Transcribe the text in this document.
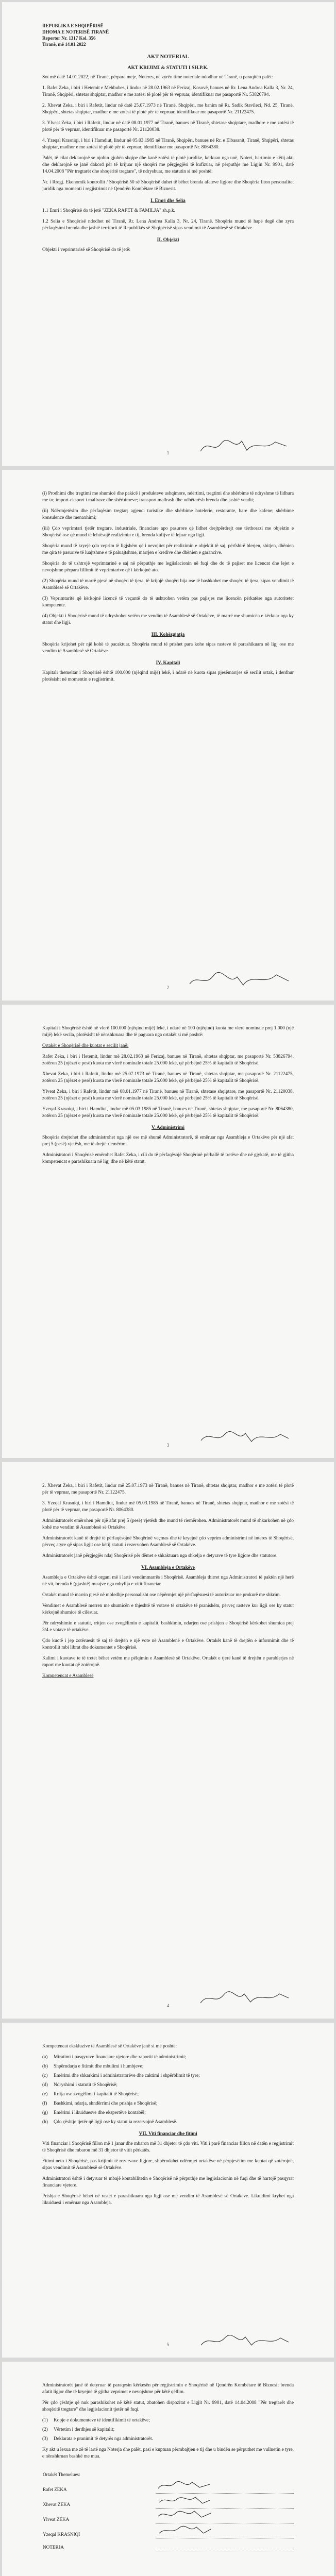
REPUBLIKA E SHQIPËRISË
DHOMA E NOTERISË TIRANË
Repertor Nr. 1317 Kol. 356
Tiranë, më 14.01.2022
AKT NOTERIAL
AKT KRIJIMI & STATUTI I SH.P.K.

Sot më datë 14.01.2022, në Tiranë, përpara meje, Noteres, në zyrën time noteriale ndodhur në Tiranë, u paraqitën palët:

1. Rafet Zeka, i biri i Hetemit e Mehbubes, i lindur në 28.02.1963 në Ferizaj, Kosovë, banues në Rr. Lena Andrea Kalla 3, Nr. 24, Tiranë, Shqipëri, shtetas shqiptar, madhor e me zotësi të plotë për të vepruar, identifikuar me pasaportë Nr. 53826794.
2. Xhevat Zeka, i biri i Rafetit, lindur në datë 25.07.1973 në Tiranë, Shqipëri, me banim në Rr. Sadik Stavileci, Nd. 25, Tiranë, Shqipëri, shtetas shqiptar, madhor e me zotësi të plotë për të vepruar, identifikuar me pasaportë Nr. 21122475.
3. Ylveat Zeka, i biri i Rafetit, lindur në datë 08.01.1977 në Tiranë, banues në Tiranë, shtetase shqiptare, madhore e me zotësi të plotë për të vepruar, identifikuar me pasaportë Nr. 21120038.
4. Yzeqal Krasniqi, i biri i Hamdiut, lindur në 05.03.1985 në Tiranë, Shqipëri, banues në Rr. e Elbasanit, Tiranë, Shqipëri, shtetas shqiptar, madhor e me zotësi të plotë për të vepruar, identifikuar me pasaportë Nr. 8064380.

Palët, të cilat deklarojnë se njohin gjuhën shqipe dhe kanë zotësi të plotë juridike, kërkuan nga unë, Noteri, hartimin e këtij akti dhe deklarojnë se janë dakord për të krijuar një shoqëri me përgjegjësi të kufizuar, në përputhje me Ligjin Nr. 9901, datë 14.04.2008 "Për tregtarët dhe shoqëritë tregtare", të ndryshuar, me statutin si më poshtë:

Nr. i Rregj. Ekonomik kontrollit / Shoqërisë 50 së Shoqërisë duhet të bëhet brenda afateve ligjore dhe Shoqëria fiton personalitet juridik nga momenti i regjistrimit në Qendrën Kombëtare të Biznesit.

I. Emri dhe Selia

1.1 Emri i Shoqërisë do të jetë "ZEKA RAFET & FAMILJA" sh.p.k.

1.2 Selia e Shoqërisë ndodhet në Tiranë, Rr. Lena Andrea Kalla 3, Nr. 24, Tiranë. Shoqëria mund të hapë degë dhe zyra përfaqësimi brenda dhe jashtë territorit të Republikës së Shqipërisë sipas vendimit të Asamblesë së Ortakëve.

II. Objekti

Objekti i veprimtarisë së Shoqërisë do të jetë:

1

(i) Prodhimi dhe tregtimi me shumicë dhe pakicë i produkteve ushqimore, ndërtimi, tregtimi dhe shërbime të ndryshme të lidhura me to; import-eksport i mallrave dhe shërbimeve; transport mallrash dhe udhëtarësh brenda dhe jashtë vendit;

(ii) Ndërmjetësim dhe përfaqësim tregtar; agjenci turistike dhe shërbime hotelerie, restorante, bare dhe kafene; shërbime konsulence dhe menaxhimi;

(iii) Çdo veprimtari tjetër tregtare, industriale, financiare apo pasurore që lidhet drejtpërdrejt ose tërthorazi me objektin e Shoqërisë ose që mund të lehtësojë realizimin e tij, brenda kufijve të lejuar nga ligji.

Shoqëria mund të kryejë çdo veprim të ligjshëm që i nevojitet për realizimin e objektit të saj, përfshirë blerjen, shitjen, dhënien me qira të pasurive të luajtshme e të paluajtshme, marrjen e kredive dhe dhënien e garancive.

Shoqëria do të ushtrojë veprimtarinë e saj në përputhje me legjislacionin në fuqi dhe do të pajiset me licencat dhe lejet e nevojshme përpara fillimit të veprimtarive që i kërkojnë ato.

(2) Shoqëria mund të marrë pjesë në shoqëri të tjera, të krijojë shoqëri bija ose të bashkohet me shoqëri të tjera, sipas vendimit të Asamblesë së Ortakëve.

(3) Veprimtaritë që kërkojnë licencë të veçantë do të ushtrohen vetëm pas pajisjes me licencën përkatëse nga autoritetet kompetente.

(4) Objekti i Shoqërisë mund të ndryshohet vetëm me vendim të Asamblesë së Ortakëve, të marrë me shumicën e kërkuar nga ky statut dhe ligji.

III. Kohëzgjatja

Shoqëria krijohet për një kohë të pacaktuar. Shoqëria mund të prishet para kohe sipas rasteve të parashikuara në ligj ose me vendim të Asamblesë së Ortakëve.

IV. Kapitali

Kapitali themeltar i Shoqërisë është 100.000 (njëqind mijë) lekë, i ndarë në kuota sipas pjesëmarrjes së secilit ortak, i derdhur plotësisht në momentin e regjistrimit.

2

Kapitali i Shoqërisë është në vlerë 100.000 (njëqind mijë) lekë, i ndarë në 100 (njëqind) kuota me vlerë nominale prej 1.000 (një mijë) lekë secila, plotësisht të nënshkruara dhe të paguara nga ortakët si më poshtë:

Ortakët e Shoqërisë dhe kuotat e secilit janë:

Rafet Zeka, i biri i Hetemit, lindur më 28.02.1963 në Ferizaj, banues në Tiranë, shtetas shqiptar, me pasaportë Nr. 53826794, zotëron 25 (njëzet e pesë) kuota me vlerë nominale totale 25.000 lekë, që përbëjnë 25% të kapitalit të Shoqërisë.

Xhevat Zeka, i biri i Rafetit, lindur më 25.07.1973 në Tiranë, banues në Tiranë, shtetas shqiptar, me pasaportë Nr. 21122475, zotëron 25 (njëzet e pesë) kuota me vlerë nominale totale 25.000 lekë, që përbëjnë 25% të kapitalit të Shoqërisë.

Ylveat Zeka, i biri i Rafetit, lindur më 08.01.1977 në Tiranë, banues në Tiranë, shtetase shqiptare, me pasaportë Nr. 21120038, zotëron 25 (njëzet e pesë) kuota me vlerë nominale totale 25.000 lekë, që përbëjnë 25% të kapitalit të Shoqërisë.

Yzeqal Krasniqi, i biri i Hamdiut, lindur më 05.03.1985 në Tiranë, banues në Tiranë, shtetas shqiptar, me pasaportë Nr. 8064380, zotëron 25 (njëzet e pesë) kuota me vlerë nominale totale 25.000 lekë, që përbëjnë 25% të kapitalit të Shoqërisë.

V. Administrimi

Shoqëria drejtohet dhe administrohet nga një ose më shumë Administratorë, të emëruar nga Asambleja e Ortakëve për një afat prej 5 (pesë) vjetësh, me të drejtë riemërimi.

Administratori i Shoqërisë emërohet Rafet Zeka, i cili do të përfaqësojë Shoqërinë përballë të tretëve dhe në gjykatë, me të gjitha kompetencat e parashikuara në ligj dhe në këtë statut.

3

2. Xhevat Zeka, i biri i Rafetit, lindur më 25.07.1973 në Tiranë, banues në Tiranë, shtetas shqiptar, madhor e me zotësi të plotë për të vepruar, me pasaportë Nr. 21122475.

3. Yzeqal Krasniqi, i biri i Hamdiut, lindur më 05.03.1985 në Tiranë, banues në Tiranë, shtetas shqiptar, madhor e me zotësi të plotë për të vepruar, me pasaportë Nr. 8064380.

Administratorët emërohen për një afat prej 5 (pesë) vjetësh dhe mund të riemërohen. Administratorët mund të shkarkohen në çdo kohë me vendim të Asamblesë së Ortakëve.

Administratorët kanë të drejtë të përfaqësojnë Shoqërinë veçmas dhe të kryejnë çdo veprim administrimi në interes të Shoqërisë, përveç atyre që sipas ligjit ose këtij statuti i rezervohen Asamblesë së Ortakëve.

Administratorët janë përgjegjës ndaj Shoqërisë për dëmet e shkaktuara nga shkelja e detyrave të tyre ligjore dhe statutore.

VI. Asambleja e Ortakëve

Asambleja e Ortakëve është organi më i lartë vendimmarrës i Shoqërisë. Asambleja thirret nga Administratori të paktën një herë në vit, brenda 6 (gjashtë) muajve nga mbyllja e vitit financiar.

Ortakët mund të marrin pjesë në mbledhje personalisht ose nëpërmjet një përfaqësuesi të autorizuar me prokurë me shkrim.

Vendimet e Asamblesë merren me shumicën e thjeshtë të votave të ortakëve të pranishëm, përveç rasteve kur ligji ose ky statut kërkojnë shumicë të cilësuar.

Për ndryshimin e statutit, rritjen ose zvogëlimin e kapitalit, bashkimin, ndarjen ose prishjen e Shoqërisë kërkohet shumica prej 3/4 e votave të ortakëve.

Çdo kuotë i jep zotëruesit të saj të drejtën e një vote në Asamblenë e Ortakëve. Ortakët kanë të drejtën e informimit dhe të kontrollit mbi librat dhe dokumentet e Shoqërisë.

Kalimi i kuotave te të tretët bëhet vetëm me pëlqimin e Asamblesë së Ortakëve. Ortakët e tjerë kanë të drejtën e parablerjes në raport me kuotat që zotërojnë.

Kompetencat e Asamblesë

4

Kompetencat ekskluzive të Asamblesë së Ortakëve janë si më poshtë:

(a)	Miratimi i pasqyrave financiare vjetore dhe raportit të administrimit;
(b)	Shpërndarja e fitimit dhe mbulimi i humbjeve;
(c)	Emërimi dhe shkarkimi i administratorëve dhe caktimi i shpërblimit të tyre;
(d)	Ndryshimi i statutit të Shoqërisë;
(e)	Rritja ose zvogëlimi i kapitalit të Shoqërisë;
(f)	Bashkimi, ndarja, shndërrimi dhe prishja e Shoqërisë;
(g)	Emërimi i likuiduesve dhe ekspertëve kontabël;
(h)	Çdo çështje tjetër që ligji ose ky statut ia rezervojnë Asamblesë.
VII. Viti financiar dhe fitimi

Viti financiar i Shoqërisë fillon më 1 janar dhe mbaron më 31 dhjetor të çdo viti. Viti i parë financiar fillon në datën e regjistrimit të Shoqërisë dhe mbaron më 31 dhjetor të vitit përkatës.

Fitimi neto i Shoqërisë, pas krijimit të rezervave ligjore, shpërndahet ndërmjet ortakëve në përpjesëtim me kuotat që zotërojnë, sipas vendimit të Asamblesë së Ortakëve.

Administratori është i detyruar të mbajë kontabilitetin e Shoqërisë në përputhje me legjislacionin në fuqi dhe të hartojë pasqyrat financiare vjetore.

Prishja e Shoqërisë bëhet në rastet e parashikuara nga ligji ose me vendim të Asamblesë së Ortakëve. Likuidimi kryhet nga likuiduesi i emëruar nga Asambleja.

5

Administratorët janë të detyruar të paraqesin kërkesën për regjistrimin e Shoqërisë në Qendrën Kombëtare të Biznesit brenda afatit ligjor dhe të kryejnë të gjitha veprimet e nevojshme për këtë qëllim.

Për çdo çështje që nuk parashikohet në këtë statut, zbatohen dispozitat e Ligjit Nr. 9901, datë 14.04.2008 "Për tregtarët dhe shoqëritë tregtare" dhe legjislacionit tjetër në fuqi.

(1)	Kopje e dokumenteve të identifikimit të ortakëve;
(2)	Vërtetim i derdhjes së kapitalit;
(3)	Deklarata e pranimit të detyrës nga administratorët.

Ky akt u lexua me zë të lartë nga Noterja dhe palët, pasi e kuptuan përmbajtjen e tij dhe u bindën se përputhet me vullnetin e tyre, e nënshkruan bashkë me mua.

Ortakët Themelues:	
Rafet ZEKA	
Xhevat ZEKA	
Ylveat ZEKA	
Yzeqal KRASNIQI	
NOTERJA	
